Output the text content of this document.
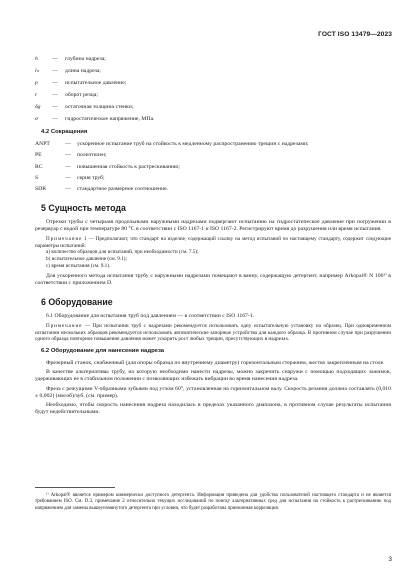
ГОСТ ISO 13479—2023
h	—	глубина надреза;
lₙ	—	длина надреза;
p	—	испытательное давление;
r	—	оборот резца;
δg	—	остаточная толщина стенки;
σ	—	гидростатическое напряжение, МПа.
4.2 Сокращения
ANPT	—	ускоренное испытание труб на стойкость к медленному распространению трещин с надрезами;
PE	—	полиэтилен;
RC	—	повышенная стойкость к растрескиванию;
S	—	серия труб;
SDR	—	стандартное размерное соотношение.
5 Сущность метода

Отрезки трубы с четырьмя продольными наружными надрезами подвергают испытанию на гидростатическое давление при погружении в резервуар с водой при температуре 80 °С в соответствии с ISO 1167-1 и ISO 1167-2. Регистрируют время до разрушения или время испытания.

Примечание 1 — Предполагают, что стандарт на изделие, содержащий ссылку на метод испытаний по настоящему стандарту, содержит следующие параметры испытаний:

a) количество образцов для испытаний, при необходимости (см. 7.5);
b) испытательное давление (см. 9.1);
c) время испытания (см. 9.1).

Для ускоренного метода испытания трубу с наружными надрезами помещают в ванну, содержащую детергент, например Arkopal® N 100¹⁾ в соответствии с приложением D.

6 Оборудование

6.1 Оборудование для испытания труб под давлением — в соответствии с ISO 1167-1.

Примечание — При испытании труб с надрезами рекомендуется использовать одну испытательную установку на образец. При одновременном испытании нескольких образцов рекомендуется использовать автоматические запорные устройства для каждого образца. В противном случае при разрушении одного образца повторное повышение давления может ускорить рост любых трещин, присутствующих в надрезах.

6.2 Оборудование для нанесения надреза

Фрезерный станок, снабженный (для опоры образца по внутреннему диаметру) горизонтальным стержнем, жестко закрепленным на столе.

В качестве альтернативы трубу, на которую необходимо нанести надрезы, можно закрепить снаружи с помощью подходящих зажимов, удерживающих ее в стабильном положении с позволяющих избежать вибрации во время нанесения надреза.

Фреза с режущими V-образными зубьями под углом 60°, установленная на горизонтальном валу. Скорость резания должна составлять (0,010 ± 0,002) (мм/об)/зуб. (см. пример).

Необходимо, чтобы скорость нанесения надреза находилась в пределах указанного диапазона, в противном случае результаты испытания будут недействительными.

¹⁾ Arkopal® является примером коммерчески доступного детергента. Информация приведена для удобства пользователей настоящего стандарта и не является требованием ISO. См. D.3, примечание 2 относительно текущих исследований по поиску альтернативных сред для испытания на стойкость к растрескиванию под напряжением для замены вышеупомянутого детергента при условии, что будет разработана приемлемая корреляция.
3
